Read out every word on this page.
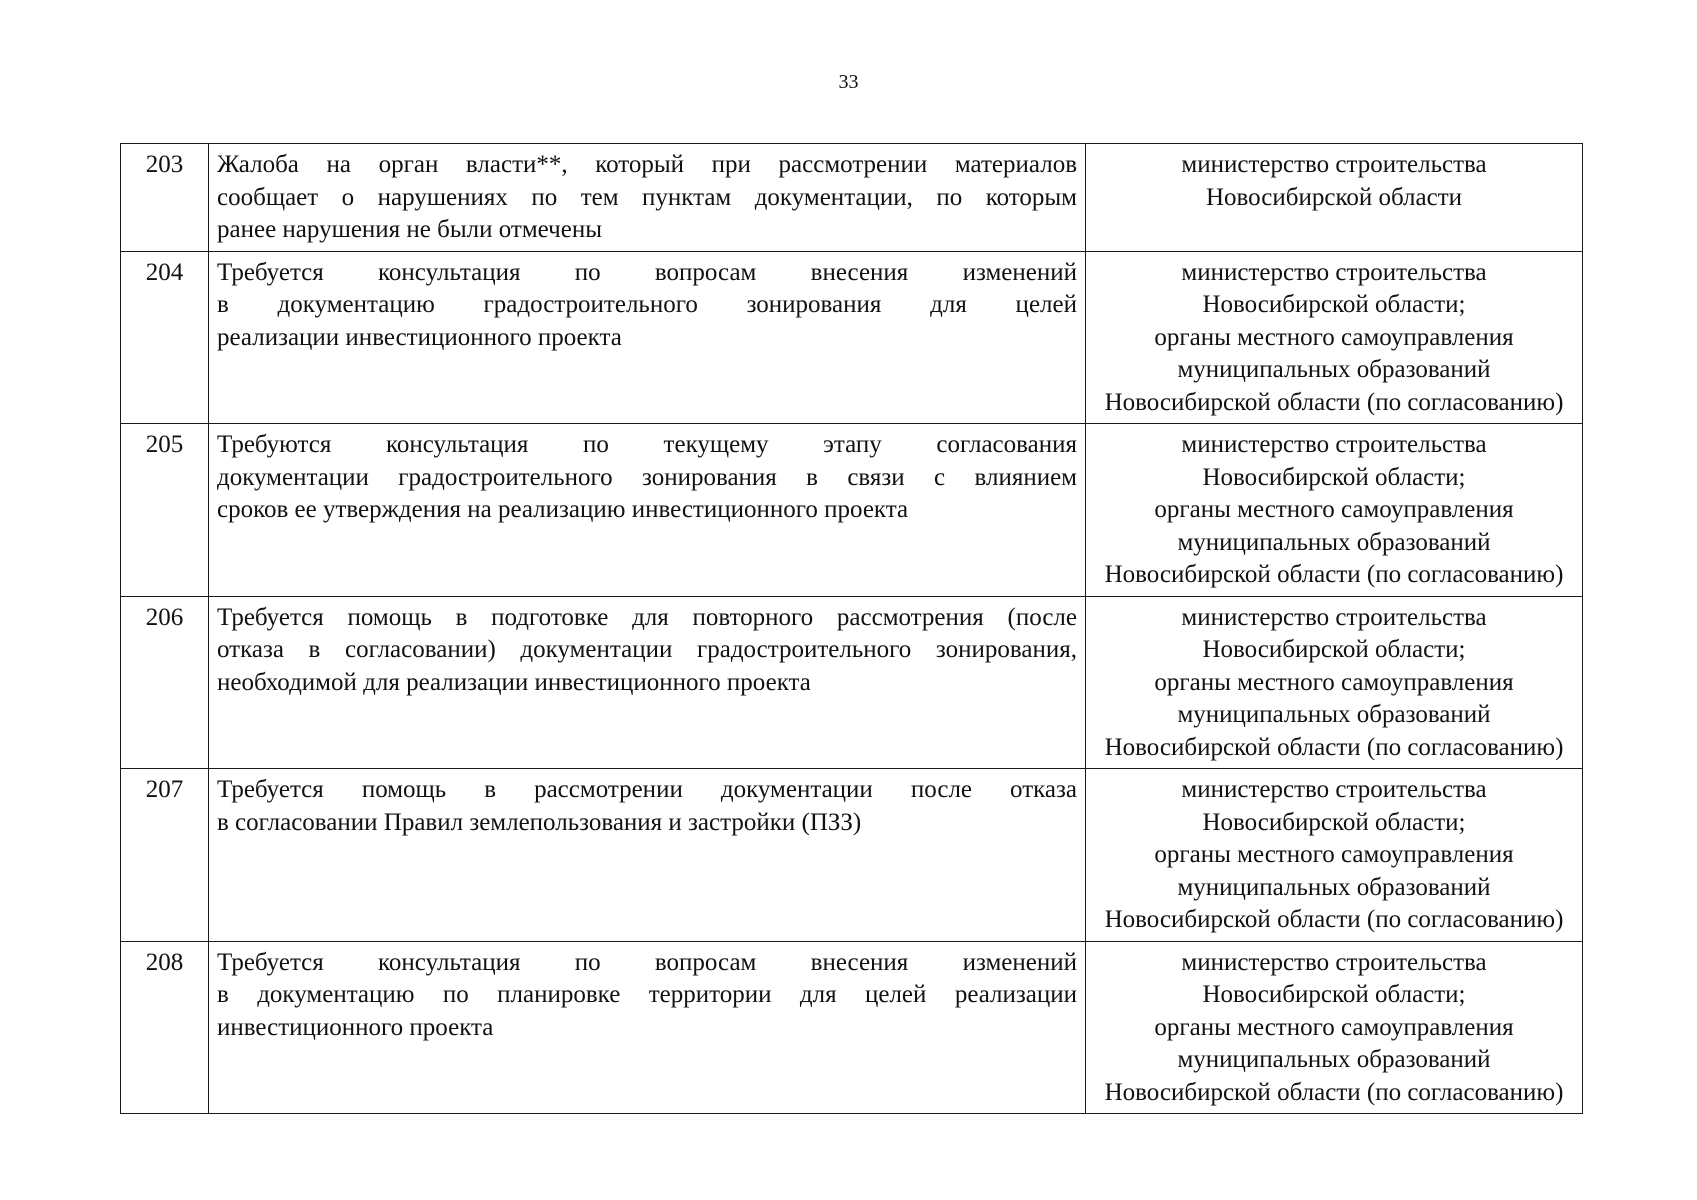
33
203	Жалоба на орган власти**, который при рассмотрении материалов
сообщает о нарушениях по тем пунктам документации, по которым
ранее нарушения не были отмечены	министерство строительства
Новосибирской области

204	Требуется консультация по вопросам внесения изменений
в документацию градостроительного зонирования для целей
реализации инвестиционного проекта	министерство строительства
Новосибирской области;
органы местного самоуправления
муниципальных образований
Новосибирской области (по согласованию)

205	Требуются консультация по текущему этапу согласования
документации градостроительного зонирования в связи с влиянием
сроков ее утверждения на реализацию инвестиционного проекта	министерство строительства
Новосибирской области;
органы местного самоуправления
муниципальных образований
Новосибирской области (по согласованию)

206	Требуется помощь в подготовке для повторного рассмотрения (после
отказа в согласовании) документации градостроительного зонирования,
необходимой для реализации инвестиционного проекта	министерство строительства
Новосибирской области;
органы местного самоуправления
муниципальных образований
Новосибирской области (по согласованию)

207	Требуется помощь в рассмотрении документации после отказа
в согласовании Правил землепользования и застройки (ПЗЗ)	министерство строительства
Новосибирской области;
органы местного самоуправления
муниципальных образований
Новосибирской области (по согласованию)

208	Требуется консультация по вопросам внесения изменений
в документацию по планировке территории для целей реализации
инвестиционного проекта	министерство строительства
Новосибирской области;
органы местного самоуправления
муниципальных образований
Новосибирской области (по согласованию)
